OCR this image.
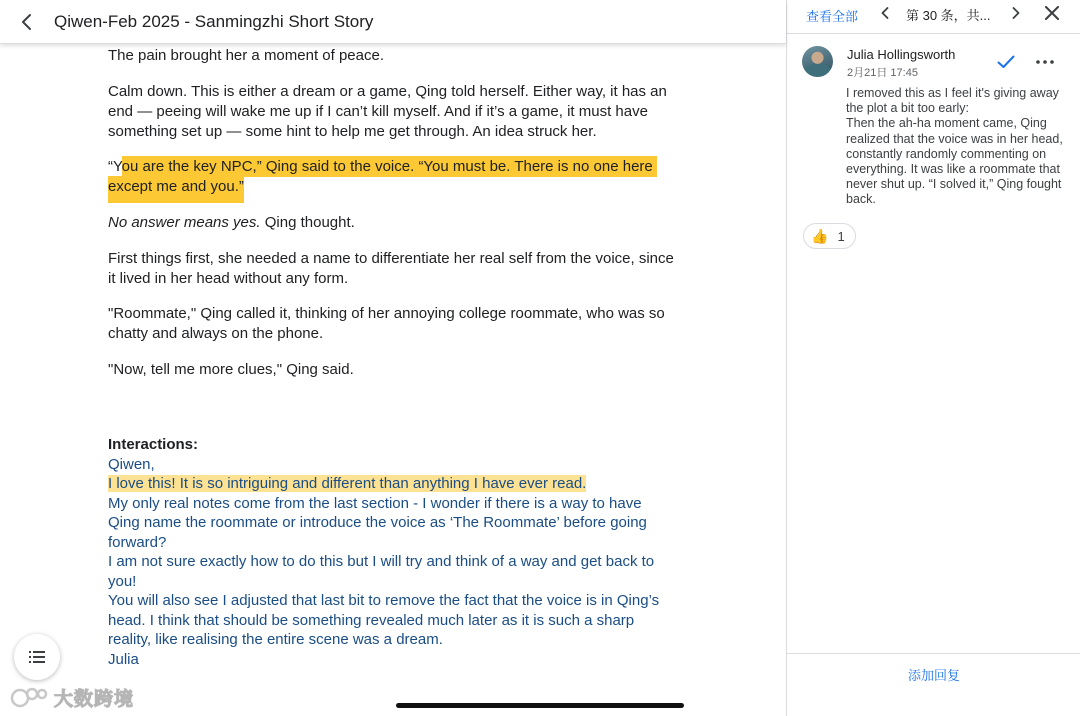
Qiwen-Feb 2025 - Sanmingzhi Short Story
The pain brought her a moment of peace.
Calm down. This is either a dream or a game, Qing told herself. Either way, it has an
end — peeing will wake me up if I can’t kill myself. And if it’s a game, it must have
something set up — some hint to help me get through. An idea struck her.
“You are the key NPC,” Qing said to the voice. “You must be. There is no one here
except me and you.”
No answer means yes. Qing thought.
First things first, she needed a name to differentiate her real self from the voice, since
it lived in her head without any form.
"Roommate," Qing called it, thinking of her annoying college roommate, who was so
chatty and always on the phone.
"Now, tell me more clues," Qing said.
Interactions:
Qiwen,
I love this! It is so intriguing and different than anything I have ever read.
My only real notes come from the last section - I wonder if there is a way to have
Qing name the roommate or introduce the voice as ‘The Roommate’ before going
forward?
I am not sure exactly how to do this but I will try and think of a way and get back to
you!
You will also see I adjusted that last bit to remove the fact that the voice is in Qing’s
head. I think that should be something revealed much later as it is such a sharp
reality, like realising the entire scene was a dream.
Julia
大数跨境
查看全部	第 30 条，共...
Julia Hollingsworth
2月21日 17:45
I removed this as I feel it's giving away the plot a bit too early:
Then the ah-ha moment came, Qing realized that the voice was in her head, constantly randomly commenting on everything. It was like a roommate that never shut up. “I solved it,” Qing fought back.
👍 1
添加回复
